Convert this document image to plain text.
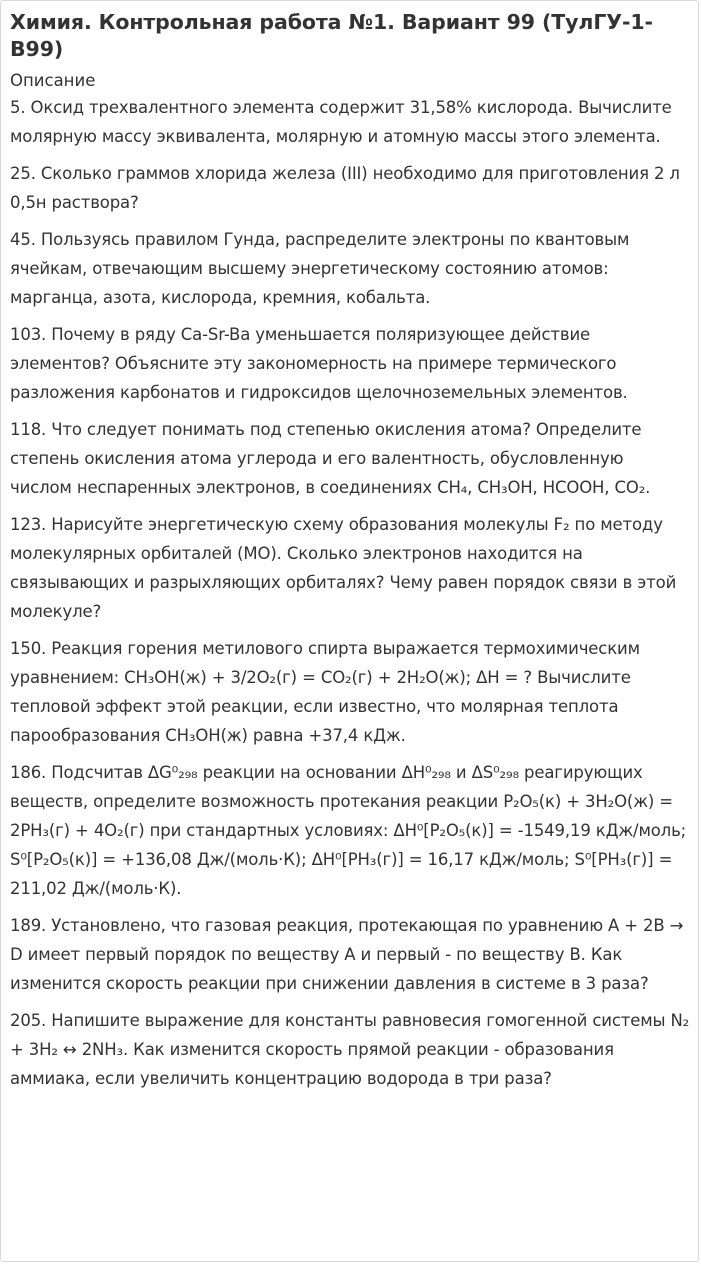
Химия. Контрольная работа №1. Вариант 99 (ТулГУ-1-В99)
Описание

5. Оксид трехвалентного элемента содержит 31,58% кислорода. Вычислите молярную массу эквивалента, молярную и атомную массы этого элемента.

25. Сколько граммов хлорида железа (III) необходимо для приготовления 2 л 0,5н раствора?

45. Пользуясь правилом Гунда, распределите электроны по квантовым ячейкам, отвечающим высшему энергетическому состоянию атомов: марганца, азота, кислорода, кремния, кобальта.

103. Почему в ряду Ca-Sr-Ba уменьшается поляризующее действие элементов? Объясните эту закономерность на примере термического разложения карбонатов и гидроксидов щелочноземельных элементов.

118. Что следует понимать под степенью окисления атома? Определите степень окисления атома углерода и его валентность, обусловленную числом неспаренных электронов, в соединениях CH₄, CH₃OH, HCOOH, CO₂.

123. Нарисуйте энергетическую схему образования молекулы F₂ по методу молекулярных орбиталей (МО). Сколько электронов находится на связывающих и разрыхляющих орбиталях? Чему равен порядок связи в этой молекуле?

150. Реакция горения метилового спирта выражается термохимическим уравнением: CH₃OH(ж) + 3/2O₂(г) = CO₂(г) + 2H₂O(ж); ΔH = ? Вычислите тепловой эффект этой реакции, если известно, что молярная теплота парообразования CH₃OH(ж) равна +37,4 кДж.

186. Подсчитав ΔG⁰₂₉₈ реакции на основании ΔH⁰₂₉₈ и ΔS⁰₂₉₈ реагирующих веществ, определите возможность протекания реакции P₂O₅(к) + 3H₂O(ж) = 2PH₃(г) + 4O₂(г) при стандартных условиях: ΔH⁰[P₂O₅(к)] = -1549,19 кДж/моль; S⁰[P₂O₅(к)] = +136,08 Дж/(моль·К); ΔH⁰[PH₃(г)] = 16,17 кДж/моль; S⁰[PH₃(г)] = 211,02 Дж/(моль·К).

189. Установлено, что газовая реакция, протекающая по уравнению A + 2B → D имеет первый порядок по веществу A и первый - по веществу B. Как изменится скорость реакции при снижении давления в системе в 3 раза?

205. Напишите выражение для константы равновесия гомогенной системы N₂ + 3H₂ ↔ 2NH₃. Как изменится скорость прямой реакции - образования аммиака, если увеличить концентрацию водорода в три раза?
